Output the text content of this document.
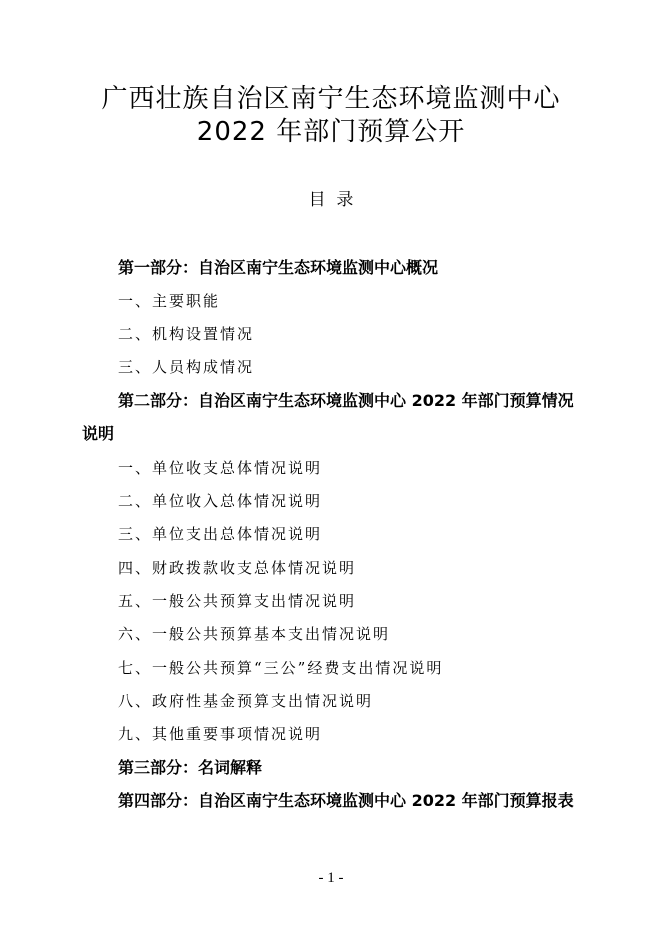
广西壮族自治区南宁生态环境监测中心
2022 年部门预算公开
目  录
第一部分：自治区南宁生态环境监测中心概况
一、主要职能
二、机构设置情况
三、人员构成情况
第二部分：自治区南宁生态环境监测中心 2022 年部门预算情况
说明
一、单位收支总体情况说明
二、单位收入总体情况说明
三、单位支出总体情况说明
四、财政拨款收支总体情况说明
五、一般公共预算支出情况说明
六、一般公共预算基本支出情况说明
七、一般公共预算“三公”经费支出情况说明
八、政府性基金预算支出情况说明
九、其他重要事项情况说明
第三部分：名词解释
第四部分：自治区南宁生态环境监测中心 2022 年部门预算报表
- 1 -
